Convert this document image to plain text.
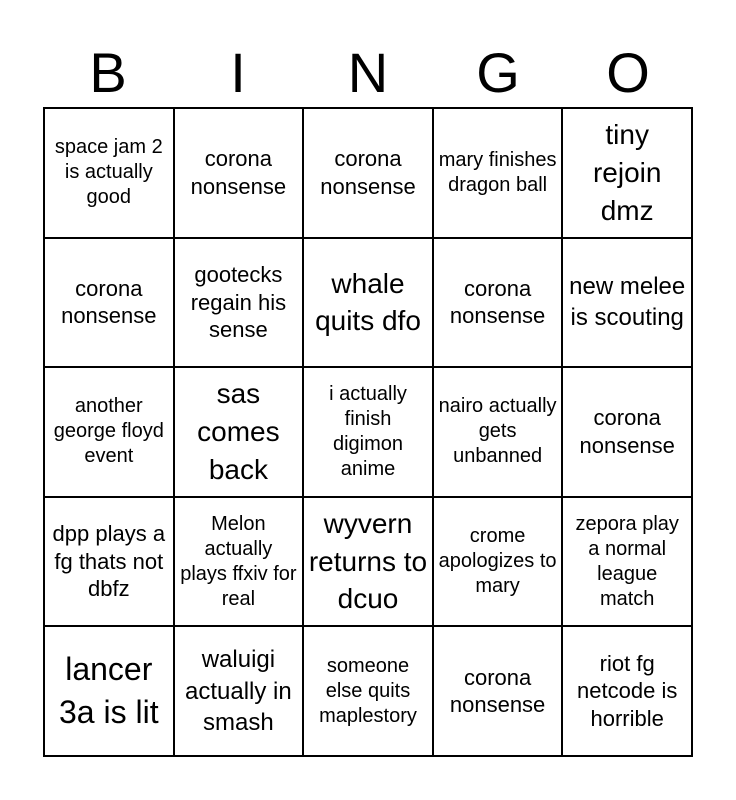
B	I	N	G	O
space jam 2 is actually good
corona nonsense
corona nonsense
mary finishes dragon ball
tiny rejoin dmz
corona nonsense
gootecks regain his sense
whale quits dfo
corona nonsense
new melee is scouting
another george floyd event
sas comes back
i actually finish digimon anime
nairo actually gets unbanned
corona nonsense
dpp plays a fg thats not dbfz
Melon actually plays ffxiv for real
wyvern returns to dcuo
crome apologizes to mary
zepora play a normal league match
lancer 3a is lit
waluigi actually in smash
someone else quits maplestory
corona nonsense
riot fg netcode is horrible
